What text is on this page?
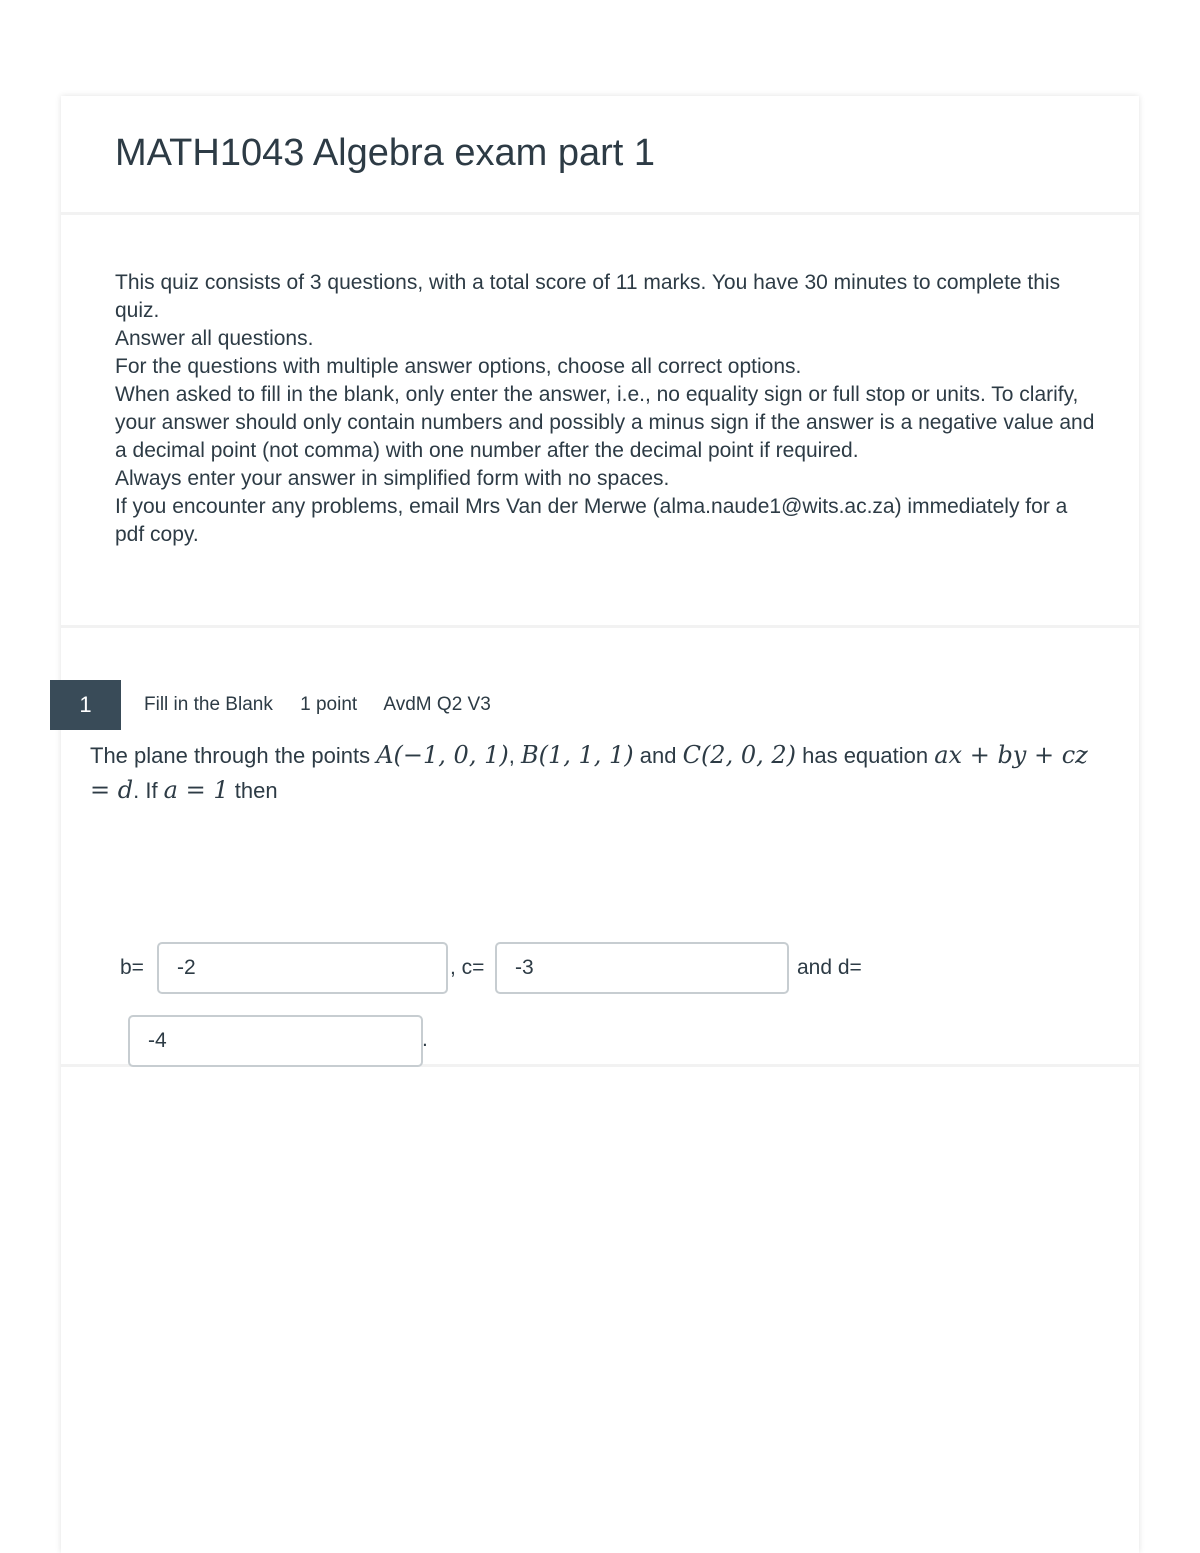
MATH1043 Algebra exam part 1

This quiz consists of 3 questions, with a total score of 11 marks. You have 30 minutes to complete this quiz.

Answer all questions.

For the questions with multiple answer options, choose all correct options.

When asked to fill in the blank, only enter the answer, i.e., no equality sign or full stop or units. To clarify, your answer should only contain numbers and possibly a minus sign if the answer is a negative value and a decimal point (not comma) with one number after the decimal point if required.

Always enter your answer in simplified form with no spaces.

If you encounter any problems, email Mrs Van der Merwe (alma.naude1@wits.ac.za) immediately for a pdf copy.

1	Fill in the Blank 1 point AvdM Q2 V3
The plane through the points A(−1, 0, 1), B(1, 1, 1) and C(2, 0, 2) has equation ax + by + cz = d. If a = 1 then
b=
-2	, c=
-3	and d=
-4
.
